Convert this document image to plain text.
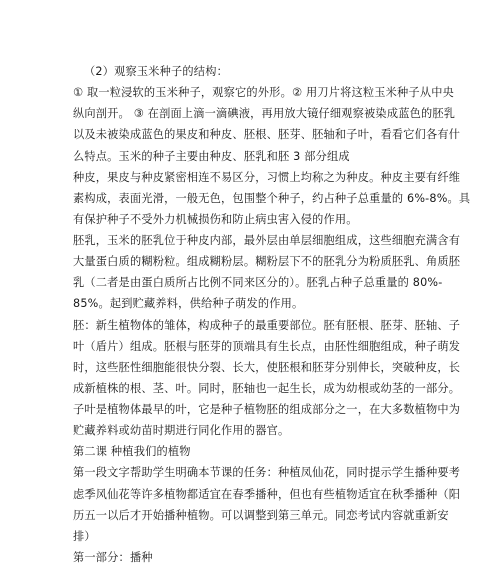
（2）观察玉米种子的结构：
① 取一粒浸软的玉米种子，观察它的外形。② 用刀片将这粒玉米种子从中央
纵向剖开。 ③ 在剖面上滴一滴碘液，再用放大镜仔细观察被染成蓝色的胚乳
以及未被染成蓝色的果皮和种皮、胚根、胚芽、胚轴和子叶，看看它们各有什
么特点。玉米的种子主要由种皮、胚乳和胚 3 部分组成
种皮，果皮与种皮紧密相连不易区分，习惯上均称之为种皮。种皮主要有纤维
素构成，表面光滑，一般无色，包围整个种子，约占种子总重量的 6%-8%。具
有保护种子不受外力机械损伤和防止病虫害入侵的作用。
胚乳，玉米的胚乳位于种皮内部，最外层由单层细胞组成，这些细胞充满含有
大量蛋白质的糊粉粒。组成糊粉层。糊粉层下不的胚乳分为粉质胚乳、角质胚
乳（二者是由蛋白质所占比例不同来区分的）。胚乳占种子总重量的 80%-
85%。起到贮藏养料，供给种子萌发的作用。
胚：新生植物体的雏体，构成种子的最重要部位。胚有胚根、胚芽、胚轴、子
叶（盾片）组成。胚根与胚芽的顶端具有生长点，由胚性细胞组成，种子萌发
时，这些胚性细胞能很快分裂、长大，使胚根和胚芽分别伸长，突破种皮，长
成新植株的根、茎、叶。同时，胚轴也一起生长，成为幼根或幼茎的一部分。
子叶是植物体最早的叶，它是种子植物胚的组成部分之一，在大多数植物中为
贮藏养料或幼苗时期进行同化作用的器官。
第二课 种植我们的植物
第一段文字帮助学生明确本节课的任务：种植凤仙花，同时提示学生播种要考
虑季风仙花等许多植物都适宜在春季播种，但也有些植物适宜在秋季播种（阳
历五一以后才开始播种植物。可以调整到第三单元。同恋考试内容就重新安
排）
第一部分：播种
